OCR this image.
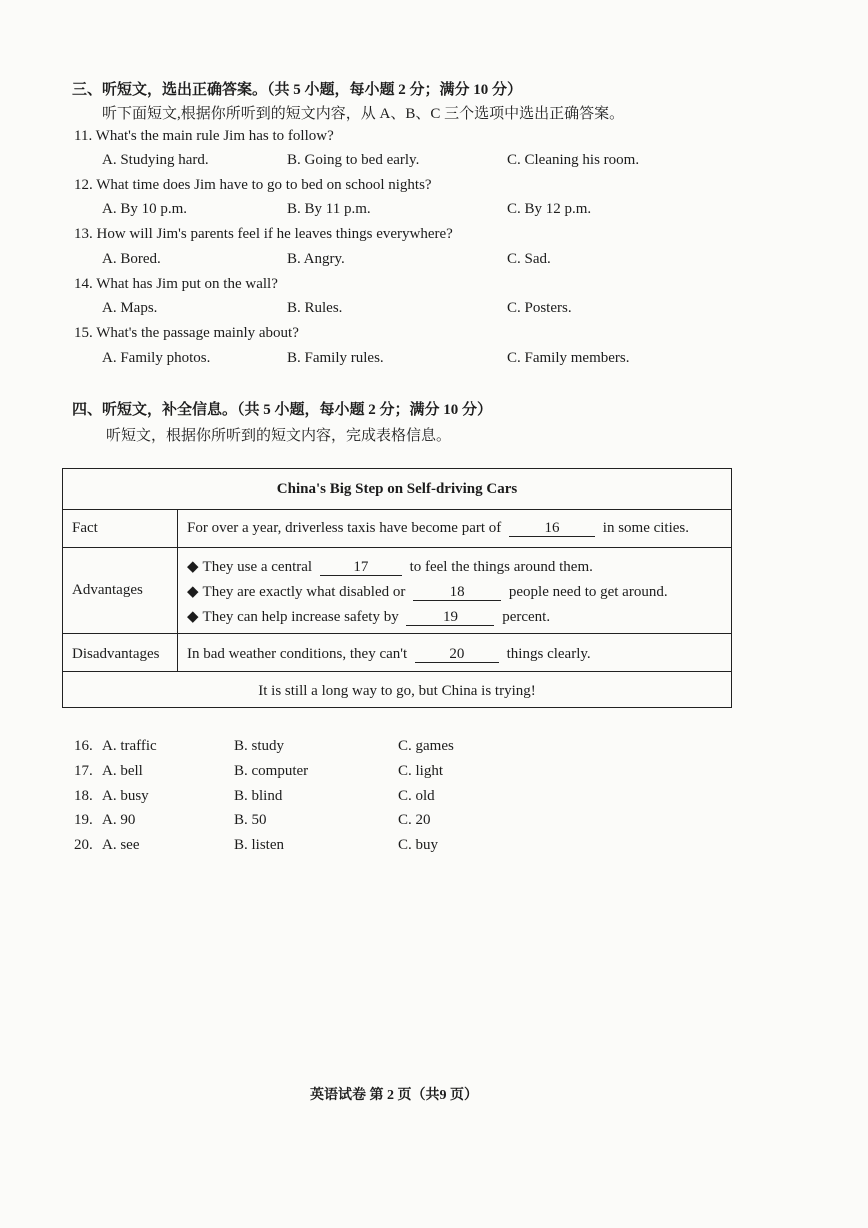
三、听短文，选出正确答案。（共 5 小题，每小题 2 分；满分 10 分）
听下面短文,根据你所听到的短文内容，从 A、B、C 三个选项中选出正确答案。
11. What's the main rule Jim has to follow?
A. Studying hard.	B. Going to bed early.	C. Cleaning his room.
12. What time does Jim have to go to bed on school nights?
A. By 10 p.m.	B. By 11 p.m.	C. By 12 p.m.
13. How will Jim's parents feel if he leaves things everywhere?
A. Bored.	B. Angry.	C. Sad.
14. What has Jim put on the wall?
A. Maps.	B. Rules.	C. Posters.
15. What's the passage mainly about?
A. Family photos.	B. Family rules.	C. Family members.
四、听短文，补全信息。（共 5 小题，每小题 2 分；满分 10 分）
听短文，根据你所听到的短文内容，完成表格信息。
China's Big Step on Self-driving Cars
Fact	For over a year, driverless taxis have become part of	16	in some cities.
Advantages
◆ They use a central	17	to feel the things around them.
◆ They are exactly what disabled or	18	people need to get around.
◆ They can help increase safety by	19	percent.
Disadvantages In bad weather conditions, they can't	20	things clearly.
It is still a long way to go, but China is trying!
16. A. traffic	B. study	C. games
17. A. bell	B. computer	C. light
18. A. busy	B. blind	C. old
19. A. 90	B. 50	C. 20
20. A. see	B. listen	C. buy
英语试卷 第 2 页（共9 页）
